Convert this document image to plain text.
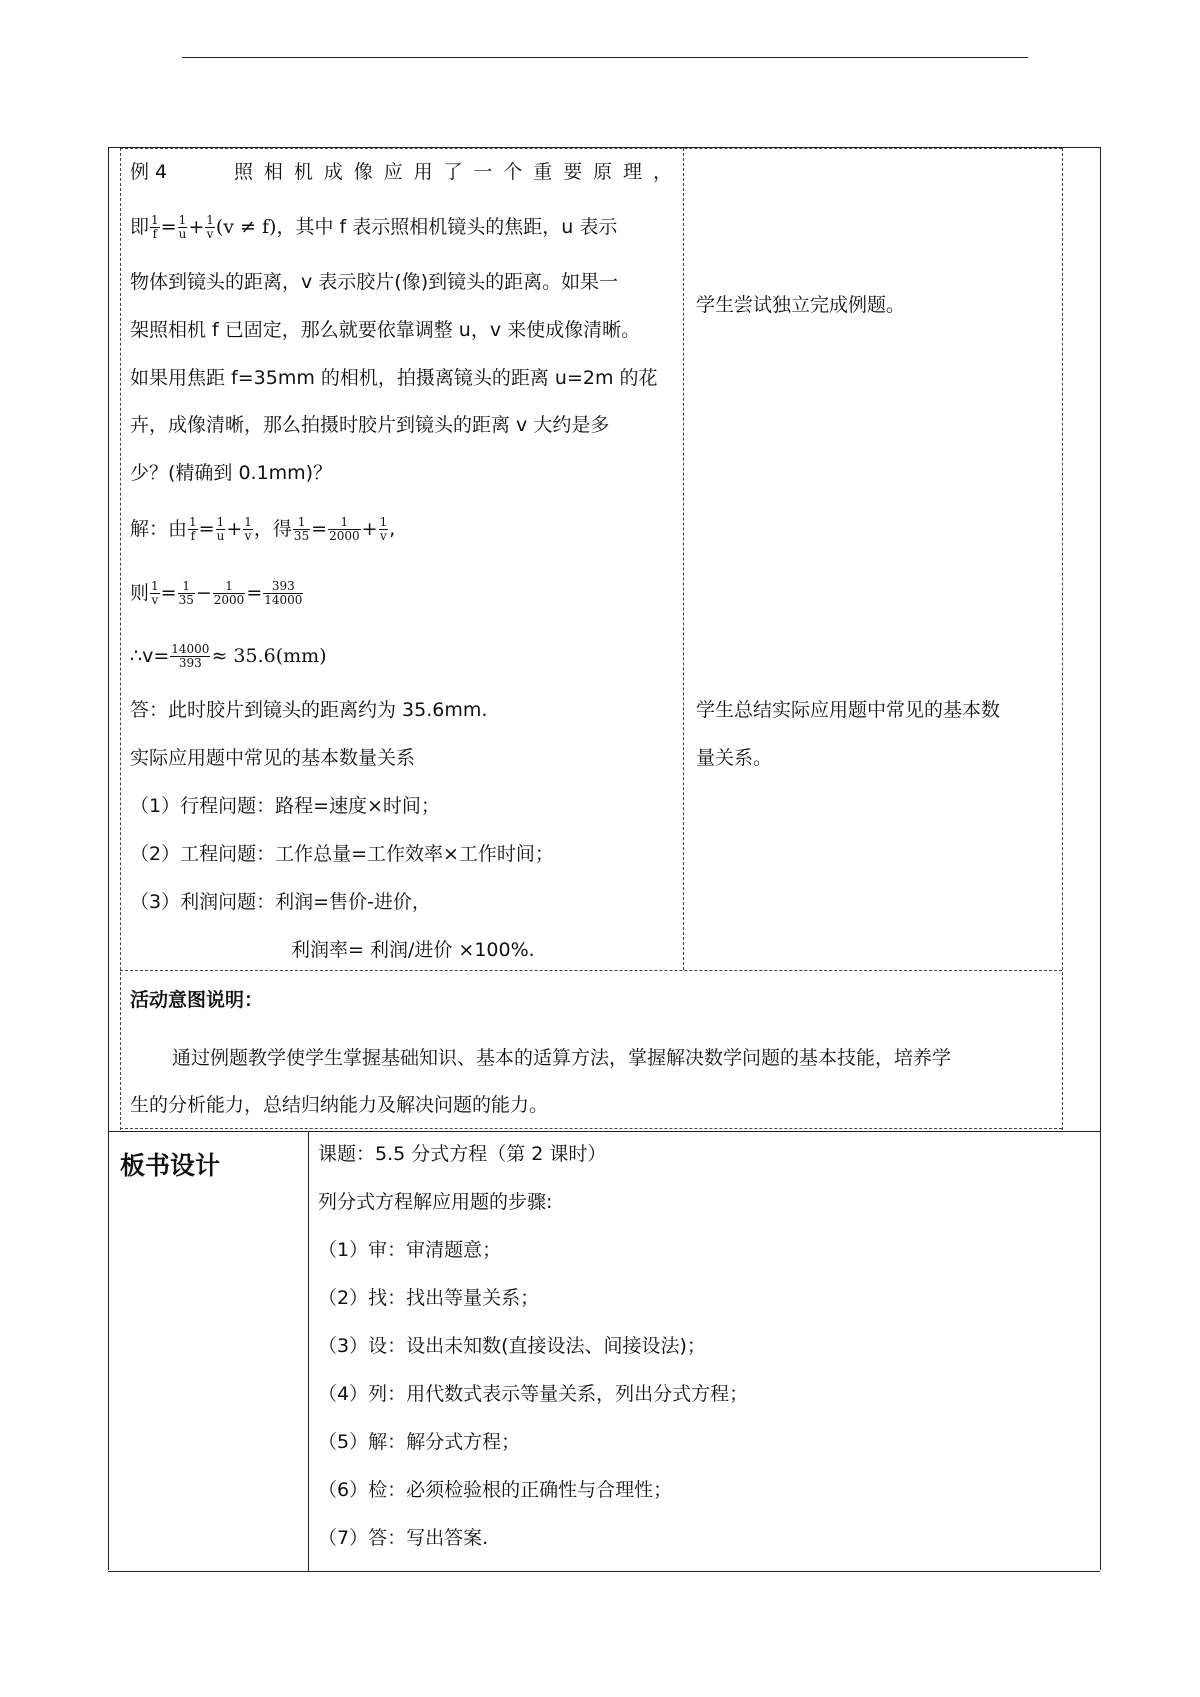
例 4	照相机成像应用了一个重要原理，
即 $\frac{1}{f} = \frac{1}{u} + \frac{1}{v} (v \ne f)$，其中 f 表示照相机镜头的焦距，u 表示
物体到镜头的距离，v 表示胶片(像)到镜头的距离。如果一
架照相机 f 已固定，那么就要依靠调整 u，v 来使成像清晰。
如果用焦距 f=35mm 的相机，拍摄离镜头的距离 u=2m 的花
卉，成像清晰，那么拍摄时胶片到镜头的距离 v 大约是多
少？(精确到 0.1mm)？
解：由 $\frac{1}{f} = \frac{1}{u} + \frac{1}{v}$ ，得 $\frac{1}{35} = \frac{1}{2000} + \frac{1}{v}$ ,
则 $\frac{1}{v} = \frac{1}{35} - \frac{1}{2000} = \frac{393}{14000}$
∴v= $\frac{14000}{393} \approx 35.6(mm)$
答：此时胶片到镜头的距离约为 35.6mm.
实际应用题中常见的基本数量关系
（1）行程问题：路程=速度×时间；
（2）工程问题：工作总量=工作效率×工作时间；
（3）利润问题：利润=售价-进价，
利润率= 利润/进价 ×100%.
学生尝试独立完成例题。
学生总结实际应用题中常见的基本数
量关系。
活动意图说明：
通过例题教学使学生掌握基础知识、基本的适算方法，掌握解决数学问题的基本技能，培养学
生的分析能力，总结归纳能力及解决问题的能力。
板书设计	课题：5.5 分式方程（第 2 课时）
列分式方程解应用题的步骤:
（1）审：审清题意；
（2）找：找出等量关系；
（3）设：设出未知数(直接设法、间接设法)；
（4）列：用代数式表示等量关系，列出分式方程；
（5）解：解分式方程；
（6）检：必须检验根的正确性与合理性；
（7）答：写出答案.
